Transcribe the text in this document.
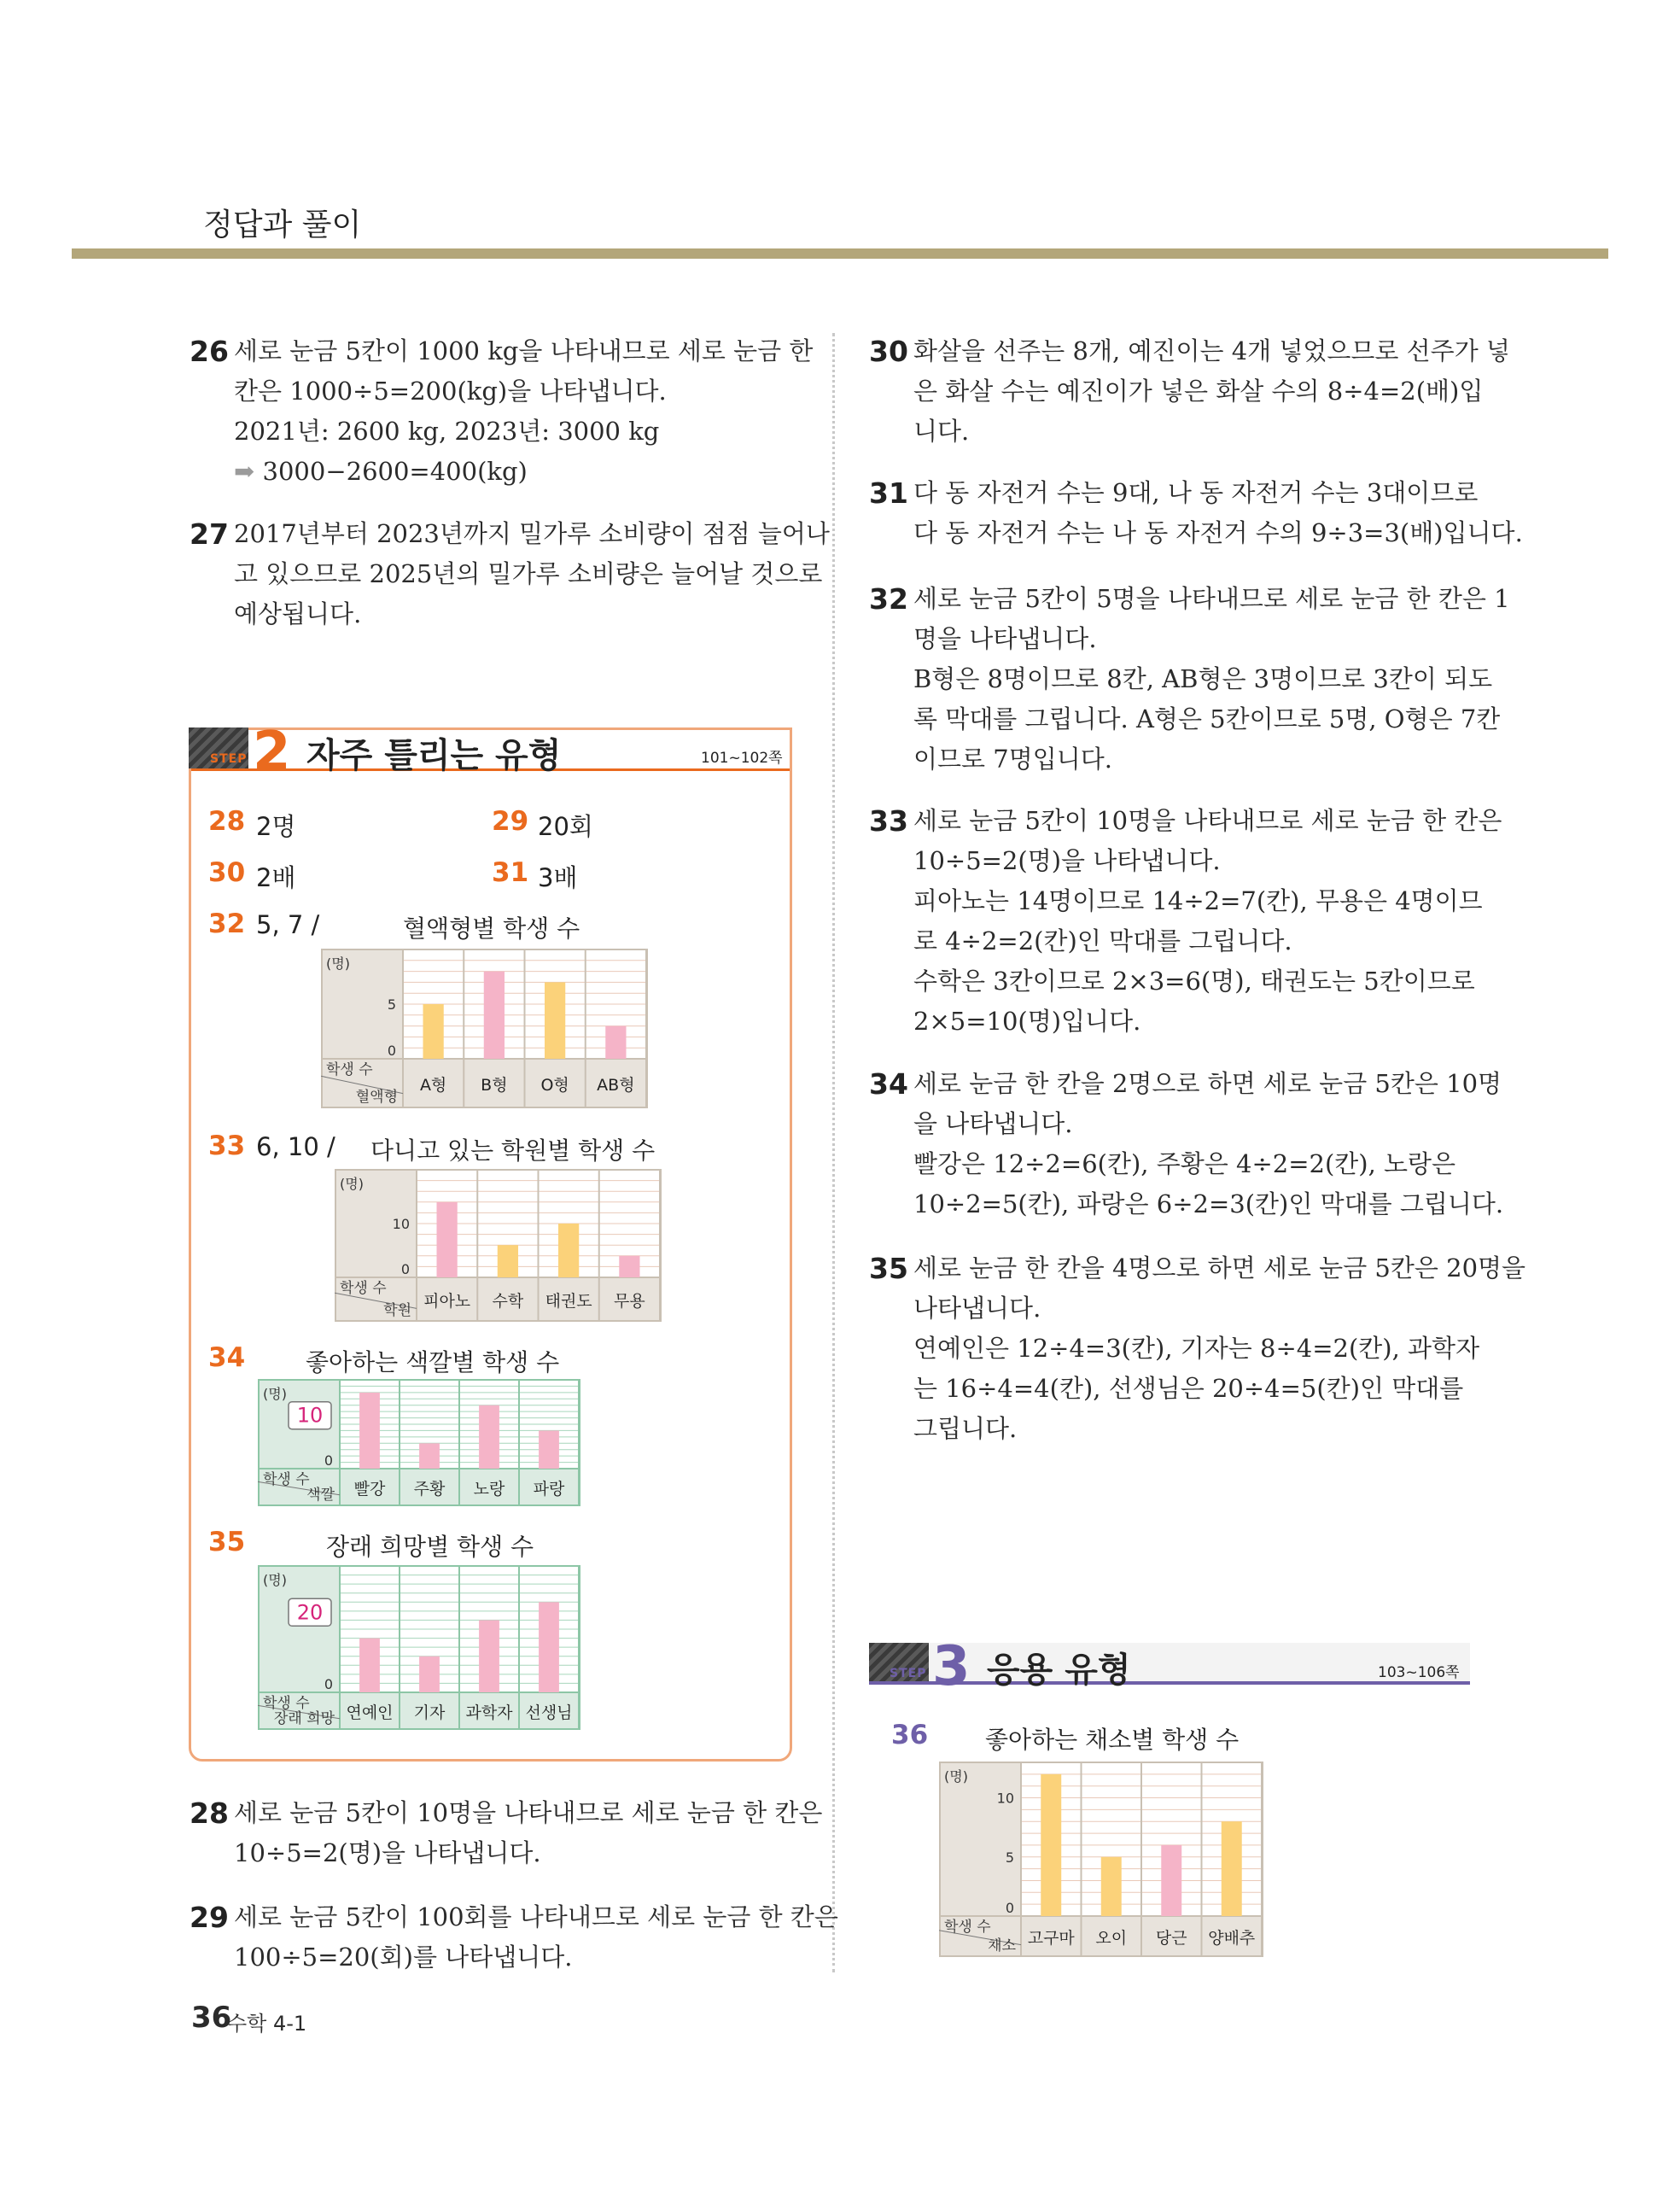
정답과 풀이
26 세로 눈금 5칸이 1000 kg을 나타내므로 세로 눈금 한
칸은 1000÷5=200(kg)을 나타냅니다.
2021년: 2600 kg, 2023년: 3000 kg
➡ 3000−2600=400(kg)
27 2017년부터 2023년까지 밀가루 소비량이 점점 늘어나
고 있으므로 2025년의 밀가루 소비량은 늘어날 것으로
예상됩니다.
STEP 2 자주 틀리는 유형	101~102쪽
28 2명	29 20회
30 2배	31 3배
32 5, 7 /
33 6, 10 /
34
35
혈액형별 학생 수
다니고 있는 학원별 학생 수
좋아하는 색깔별 학생 수
장래 희망별 학생 수
좋아하는 채소별 학생 수
A형 B형 O형 AB형
(명)
5
0
학생 수
혈액형
피아노 수학 태권도 무용
(명)
10
0
학생 수
학원
빨강 주황 노랑 파랑
(명)
10
0
학생 수
색깔
연예인 기자 과학자 선생님
(명)
20
0
학생 수
장래 희망
고구마 오이 당근 양배추
(명)
10
5
0
학생 수
채소
28 세로 눈금 5칸이 10명을 나타내므로 세로 눈금 한 칸은
10÷5=2(명)을 나타냅니다.
29 세로 눈금 5칸이 100회를 나타내므로 세로 눈금 한 칸은
100÷5=20(회)를 나타냅니다.
30 화살을 선주는 8개, 예진이는 4개 넣었으므로 선주가 넣
은 화살 수는 예진이가 넣은 화살 수의 8÷4=2(배)입
니다.
31 다 동 자전거 수는 9대, 나 동 자전거 수는 3대이므로
다 동 자전거 수는 나 동 자전거 수의 9÷3=3(배)입니다.
32 세로 눈금 5칸이 5명을 나타내므로 세로 눈금 한 칸은 1
명을 나타냅니다.
B형은 8명이므로 8칸, AB형은 3명이므로 3칸이 되도
록 막대를 그립니다. A형은 5칸이므로 5명, O형은 7칸
이므로 7명입니다.
33 세로 눈금 5칸이 10명을 나타내므로 세로 눈금 한 칸은
10÷5=2(명)을 나타냅니다.
피아노는 14명이므로 14÷2=7(칸), 무용은 4명이므
로 4÷2=2(칸)인 막대를 그립니다.
수학은 3칸이므로 2×3=6(명), 태권도는 5칸이므로
2×5=10(명)입니다.
34 세로 눈금 한 칸을 2명으로 하면 세로 눈금 5칸은 10명
을 나타냅니다.
빨강은 12÷2=6(칸), 주황은 4÷2=2(칸), 노랑은
10÷2=5(칸), 파랑은 6÷2=3(칸)인 막대를 그립니다.
35 세로 눈금 한 칸을 4명으로 하면 세로 눈금 5칸은 20명을
나타냅니다.
연예인은 12÷4=3(칸), 기자는 8÷4=2(칸), 과학자
는 16÷4=4(칸), 선생님은 20÷4=5(칸)인 막대를
그립니다.
STEP 3 응용 유형	103~106쪽
36
36
수학 4-1
